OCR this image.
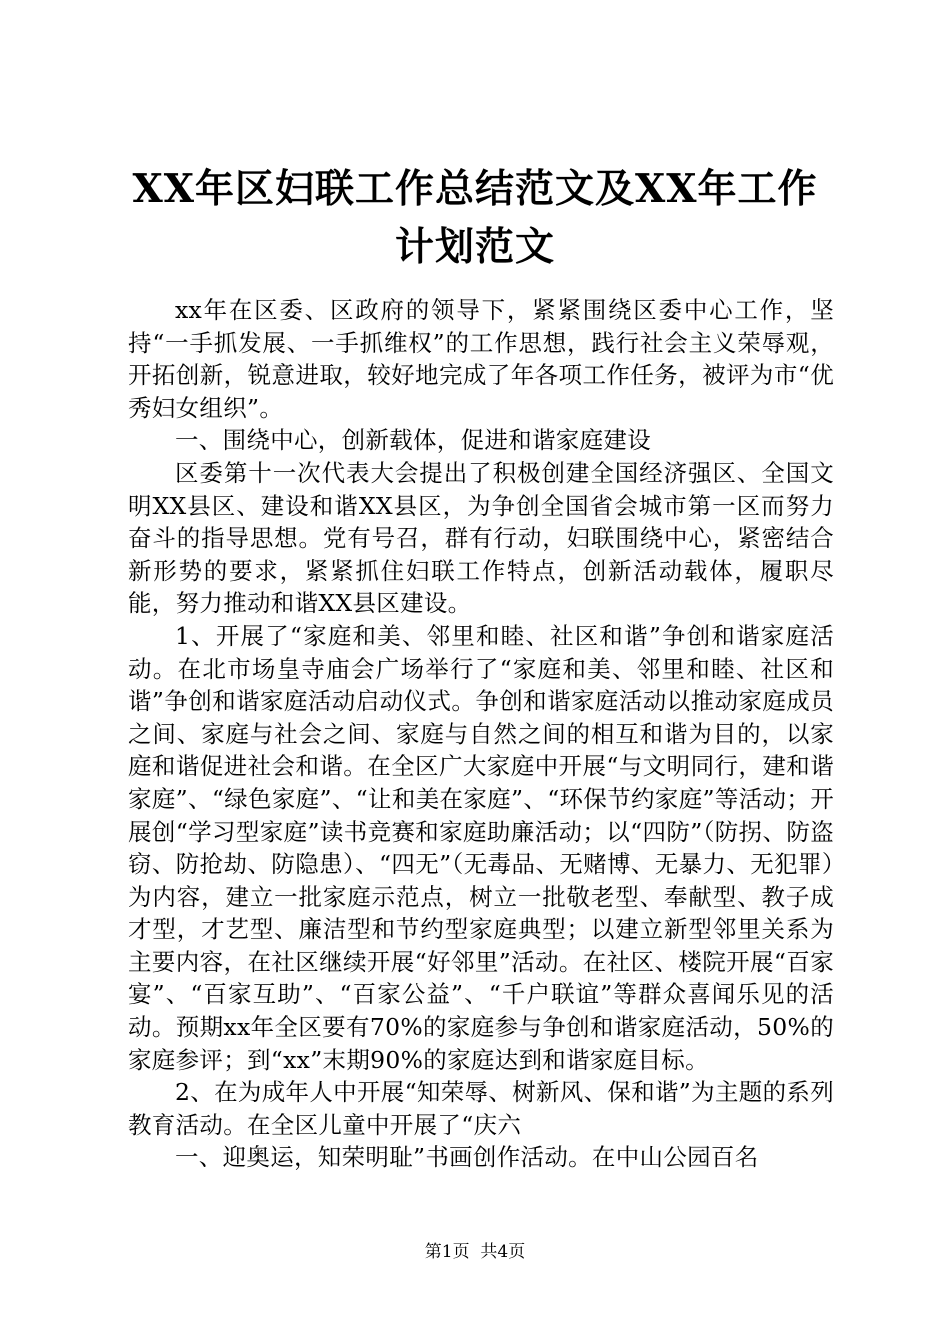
XX年区妇联工作总结范文及XX年工作计划范文

xx年在区委、区政府的领导下，紧紧围绕区委中心工作，坚持“一手抓发展、一手抓维权”的工作思想，践行社会主义荣辱观，开拓创新，锐意进取，较好地完成了年各项工作任务，被评为市“优秀妇女组织”。

一、围绕中心，创新载体，促进和谐家庭建设

区委第十一次代表大会提出了积极创建全国经济强区、全国文明XX县区、建设和谐XX县区，为争创全国省会城市第一区而努力奋斗的指导思想。党有号召，群有行动，妇联围绕中心，紧密结合新形势的要求，紧紧抓住妇联工作特点，创新活动载体，履职尽能，努力推动和谐XX县区建设。

1、开展了“家庭和美、邻里和睦、社区和谐”争创和谐家庭活动。在北市场皇寺庙会广场举行了“家庭和美、邻里和睦、社区和谐”争创和谐家庭活动启动仪式。争创和谐家庭活动以推动家庭成员之间、家庭与社会之间、家庭与自然之间的相互和谐为目的，以家庭和谐促进社会和谐。在全区广大家庭中开展“与文明同行，建和谐家庭”、“绿色家庭”、“让和美在家庭”、“环保节约家庭”等活动；开展创“学习型家庭”读书竞赛和家庭助廉活动；以“四防”（防拐、防盗窃、防抢劫、防隐患）、“四无”（无毒品、无赌博、无暴力、无犯罪）为内容，建立一批家庭示范点，树立一批敬老型、奉献型、教子成才型，才艺型、廉洁型和节约型家庭典型；以建立新型邻里关系为主要内容，在社区继续开展“好邻里”活动。在社区、楼院开展“百家宴”、“百家互助”、“百家公益”、“千户联谊”等群众喜闻乐见的活动。预期xx年全区要有70%的家庭参与争创和谐家庭活动，50%的家庭参评；到“xx”末期90%的家庭达到和谐家庭目标。

2、在为成年人中开展“知荣辱、树新风、保和谐”为主题的系列教育活动。在全区儿童中开展了“庆六

一、迎奥运，知荣明耻”书画创作活动。在中山公园百名

第1页 共4页
